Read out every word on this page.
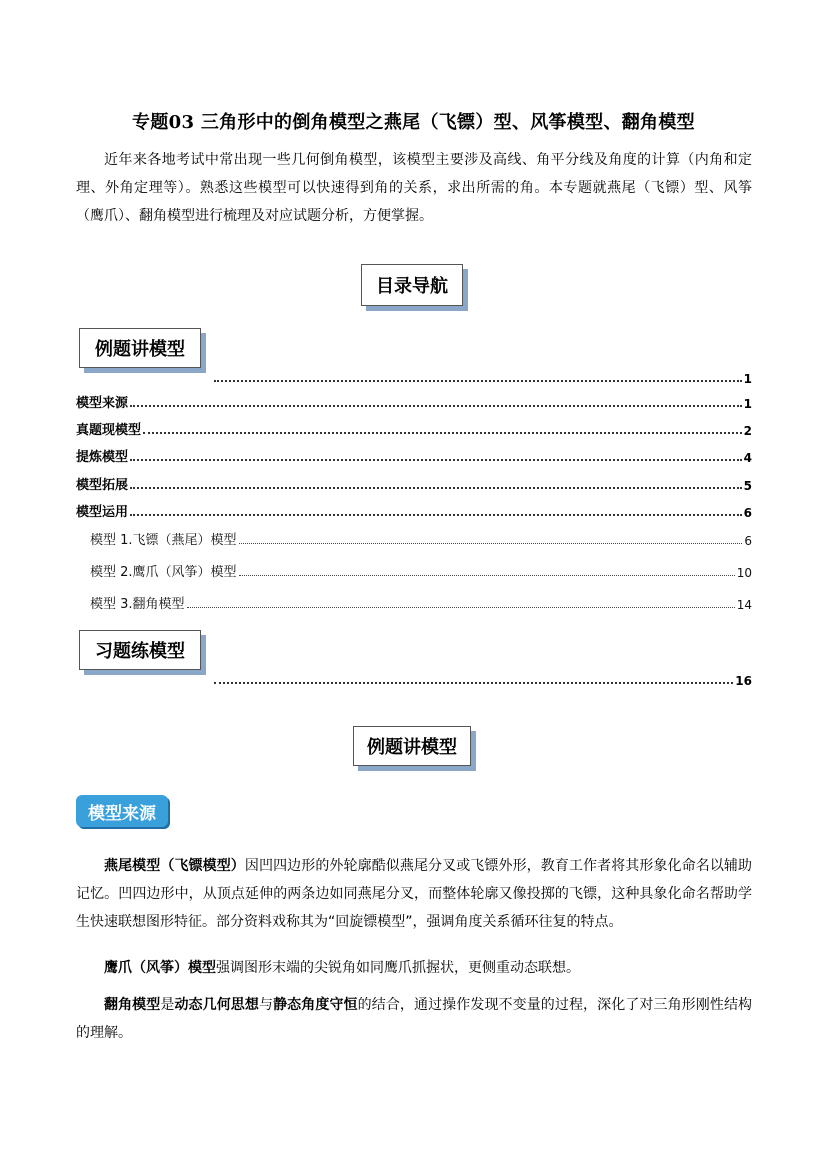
专题03 三角形中的倒角模型之燕尾（飞镖）型、风筝模型、翻角模型
近年来各地考试中常出现一些几何倒角模型，该模型主要涉及高线、角平分线及角度的计算（内角和定理、外角定理等）。熟悉这些模型可以快速得到角的关系，求出所需的角。本专题就燕尾（飞镖）型、风筝（鹰爪）、翻角模型进行梳理及对应试题分析，方便掌握。
目录导航
例题讲模型
1
模型来源	1
真题现模型	2
提炼模型	4
模型拓展	5
模型运用	6
模型 1.飞镖（燕尾）模型	6
模型 2.鹰爪（风筝）模型	10
模型 3.翻角模型	14
习题练模型
16
例题讲模型
模型来源
燕尾模型（飞镖模型）因凹四边形的外轮廓酷似燕尾分叉或飞镖外形，教育工作者将其形象化命名以辅助记忆。凹四边形中，从顶点延伸的两条边如同燕尾分叉，而整体轮廓又像投掷的飞镖，这种具象化命名帮助学生快速联想图形特征。部分资料戏称其为“回旋镖模型”，强调角度关系循环往复的特点。
鹰爪（风筝）模型强调图形末端的尖锐角如同鹰爪抓握状，更侧重动态联想。
翻角模型是动态几何思想与静态角度守恒的结合，通过操作发现不变量的过程，深化了对三角形刚性结构的理解。
